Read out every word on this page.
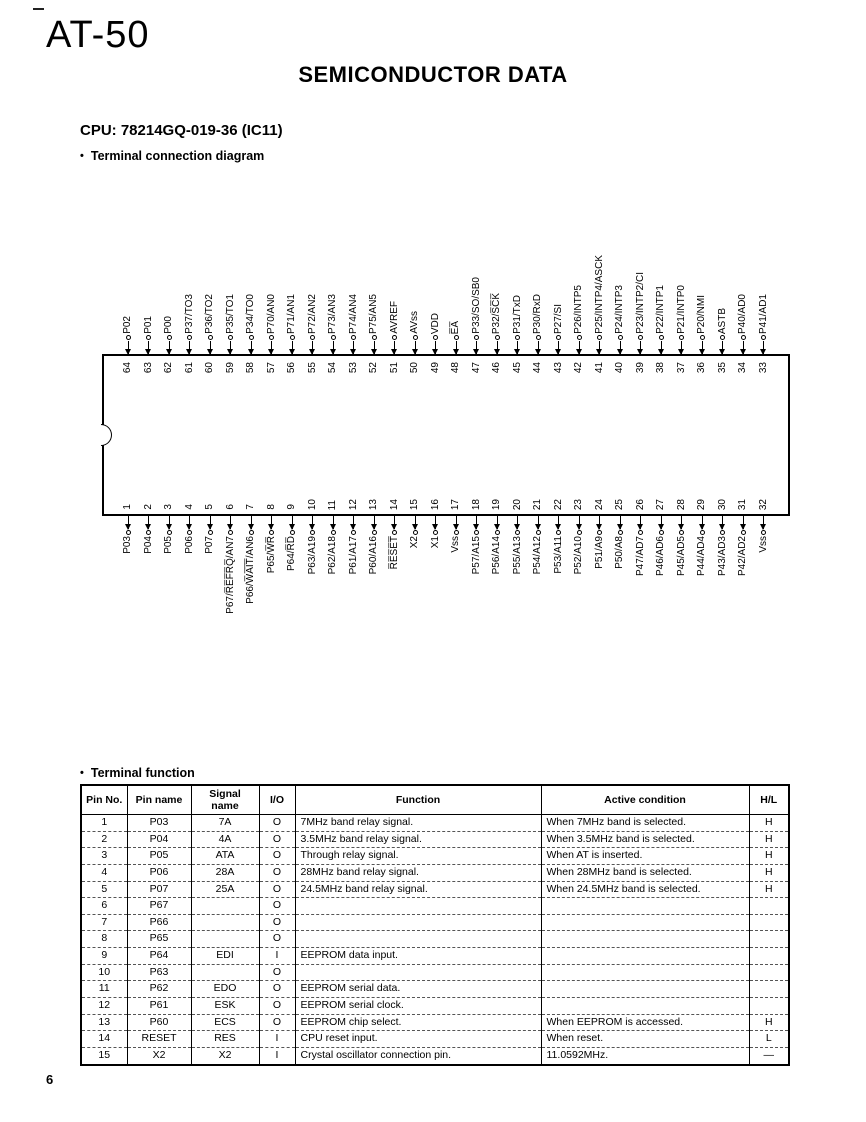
AT-50
SEMICONDUCTOR DATA
CPU: 78214GQ-019-36 (IC11)
• Terminal connection diagram
P02 P01 P00 P37/TO3 P36/TO2 P35/TO1 P34/TO0 P70/AN0 P71/AN1 P72/AN2 P73/AN3 P74/AN4 P75/AN5 AVREF AVss VDD E̅A̅ P33/SO/SB0 P32/S̅C̅K̅ P31/TxD P30/RxD P27/SI P26/INTP5 P25/INTP4/ASCK P24/INTP3 P23/INTP2/CI P22/INTP1 P21/INTP0 P20/NMI ASTB P40/AD0 P41/AD1
64 63 62 61 60 59 58 57 56 55 54 53 52 51 50 49 48 47 46 45 44 43 42 41 40 39 38 37 36 35 34 33
1 2 3 4 5 6 7 8 9 10 11 12 13 14 15 16 17 18 19 20 21 22 23 24 25 26 27 28 29 30 31 32
P03 P04 P05 P06 P07 P67/R̅E̅F̅R̅Q̅/AN7 P66/W̅A̅I̅T̅/AN6 P65/W̅R̅ P64/R̅D̅ P63/A19 P62/A18 P61/A17 P60/A16 R̅E̅S̅E̅T̅ X2 X1 Vss P57/A15 P56/A14 P55/A13 P54/A12 P53/A11 P52/A10 P51/A9 P50/A8 P47/AD7 P46/AD6 P45/AD5 P44/AD4 P43/AD3 P42/AD2 Vss
• Terminal function
Pin No.	Pin name	Signal name	I/O	Function	Active condition	H/L
1	P03	7A	O	7MHz band relay signal.	When 7MHz band is selected.	H
2	P04	4A	O	3.5MHz band relay signal.	When 3.5MHz band is selected.	H
3	P05	ATA	O	Through relay signal.	When AT is inserted.	H
4	P06	28A	O	28MHz band relay signal.	When 28MHz band is selected.	H
5	P07	25A	O	24.5MHz band relay signal.	When 24.5MHz band is selected.	H
6	P67		O			
7	P66		O			
8	P65		O			
9	P64	EDI	I	EEPROM data input.		
10	P63		O			
11	P62	EDO	O	EEPROM serial data.		
12	P61	ESK	O	EEPROM serial clock.		
13	P60	ECS	O	EEPROM chip select.	When EEPROM is accessed.	H
14	RESET	RES	I	CPU reset input.	When reset.	L
15	X2	X2	I	Crystal oscillator connection pin.	11.0592MHz.	—
6
